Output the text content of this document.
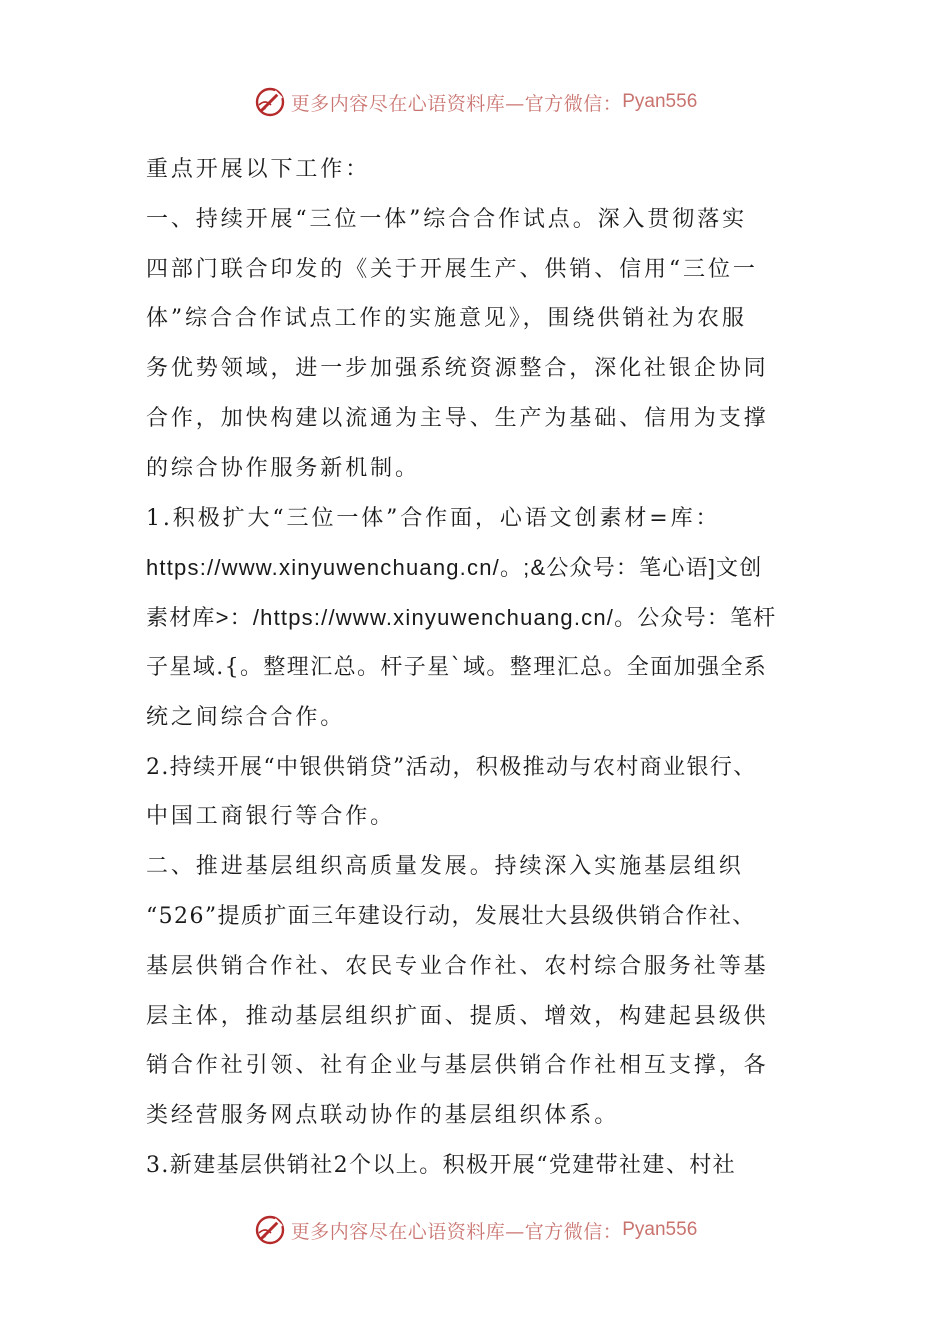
更多内容尽在心语资料库—官方微信： Pyan556
重点开展以下工作：
一、持续开展“三位一体”综合合作试点。深入贯彻落实
四部门联合印发的《关于开展生产、供销、信用“三位一
体”综合合作试点工作的实施意见》，围绕供销社为农服
务优势领域，进一步加强系统资源整合，深化社银企协同
合作，加快构建以流通为主导、生产为基础、信用为支撑
的综合协作服务新机制。
1.积极扩大“三位一体”合作面，心语文创素材=库：
https://www.xinyuwenchuang.cn/。;&公众号：笔心语]文创
素材库>：/https://www.xinyuwenchuang.cn/。公众号：笔杆
子星域.{。整理汇总。杆子星`域。整理汇总。全面加强全系
统之间综合合作。
2.持续开展“中银供销贷”活动，积极推动与农村商业银行、
中国工商银行等合作。
二、推进基层组织高质量发展。持续深入实施基层组织
“526”提质扩面三年建设行动，发展壮大县级供销合作社、
基层供销合作社、农民专业合作社、农村综合服务社等基
层主体，推动基层组织扩面、提质、增效，构建起县级供
销合作社引领、社有企业与基层供销合作社相互支撑，各
类经营服务网点联动协作的基层组织体系。
3.新建基层供销社2个以上。积极开展“党建带社建、村社
更多内容尽在心语资料库—官方微信： Pyan556
